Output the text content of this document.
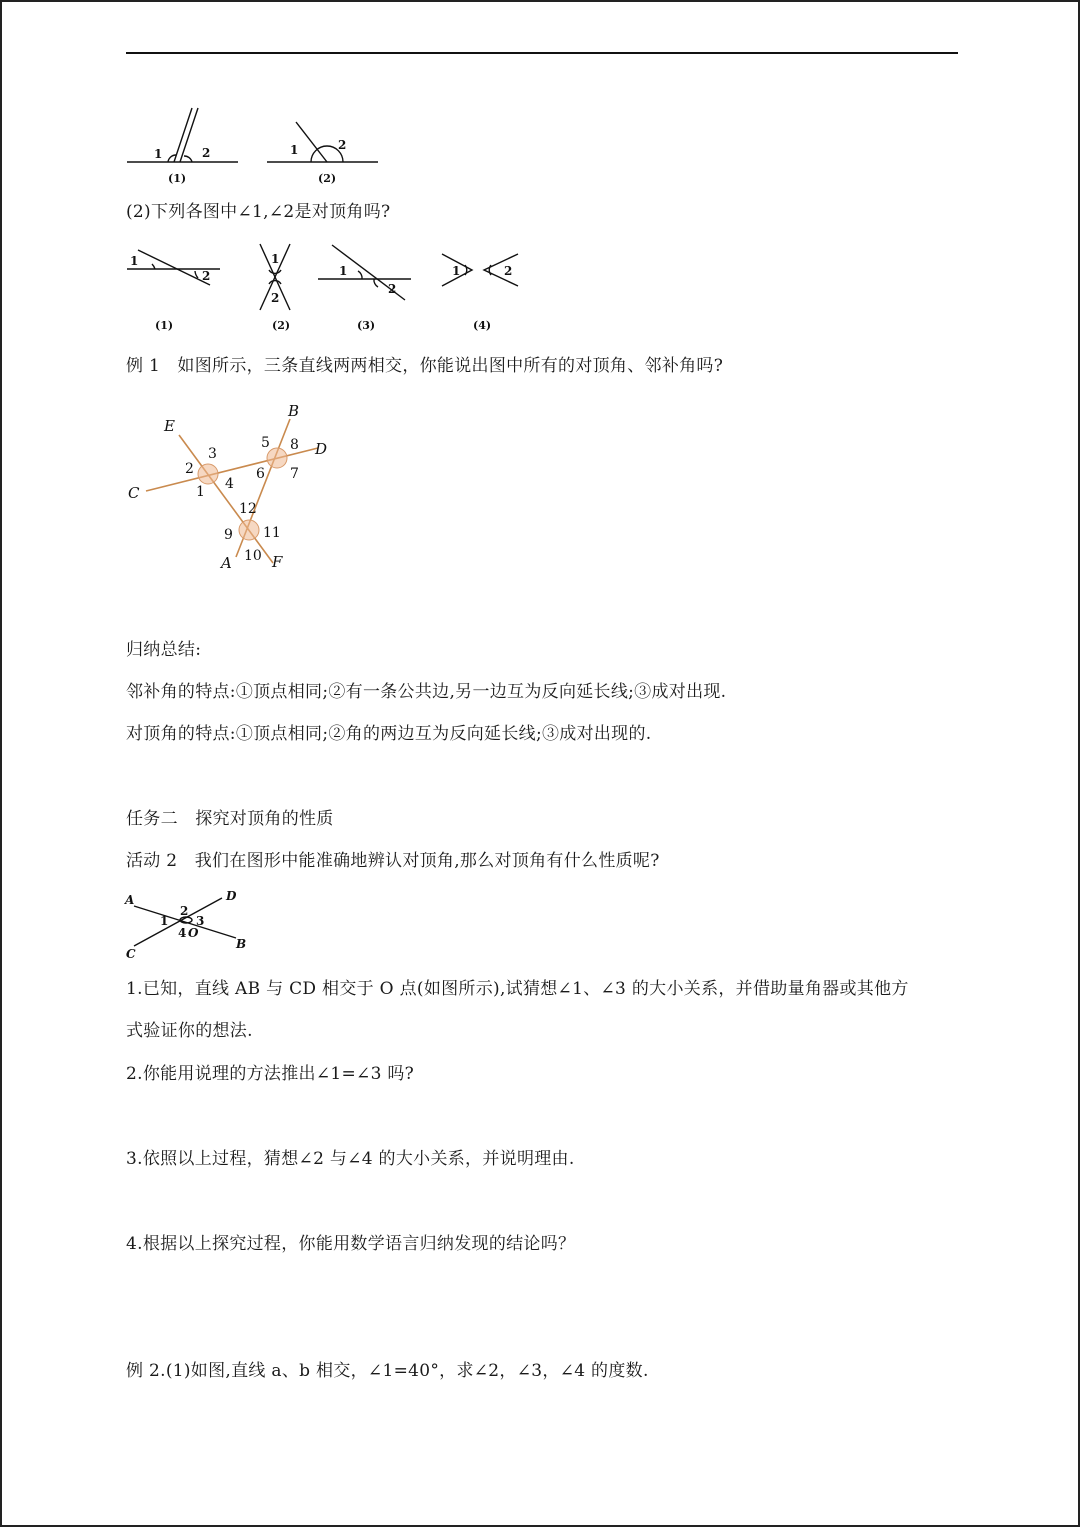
1	2
(1)
1	2
(2)
(2)下列各图中∠1,∠2是对顶角吗?
1
2
(1)
1
2
(2)
1
2
(3)
1	2
(4)
例 1　如图所示，三条直线两两相交，你能说出图中所有的对顶角、邻补角吗?
E
B
D
C
A	F
1
2
3
4
5
6 7
8
9
10
11
12
归纳总结:
邻补角的特点:①顶点相同;②有一条公共边,另一边互为反向延长线;③成对出现.
对顶角的特点:①顶点相同;②角的两边互为反向延长线;③成对出现的.
任务二　探究对顶角的性质
活动 2　我们在图形中能准确地辨认对顶角,那么对顶角有什么性质呢?
A	D
C
B
O
1
2
3
4
1.已知，直线 AB 与 CD 相交于 O 点(如图所示),试猜想∠1、∠3 的大小关系，并借助量角器或其他方
式验证你的想法.
2.你能用说理的方法推出∠1=∠3 吗?
3.依照以上过程，猜想∠2 与∠4 的大小关系，并说明理由.
4.根据以上探究过程，你能用数学语言归纳发现的结论吗？
例 2.(1)如图,直线 a、b 相交，∠1=40°，求∠2，∠3，∠4 的度数.
